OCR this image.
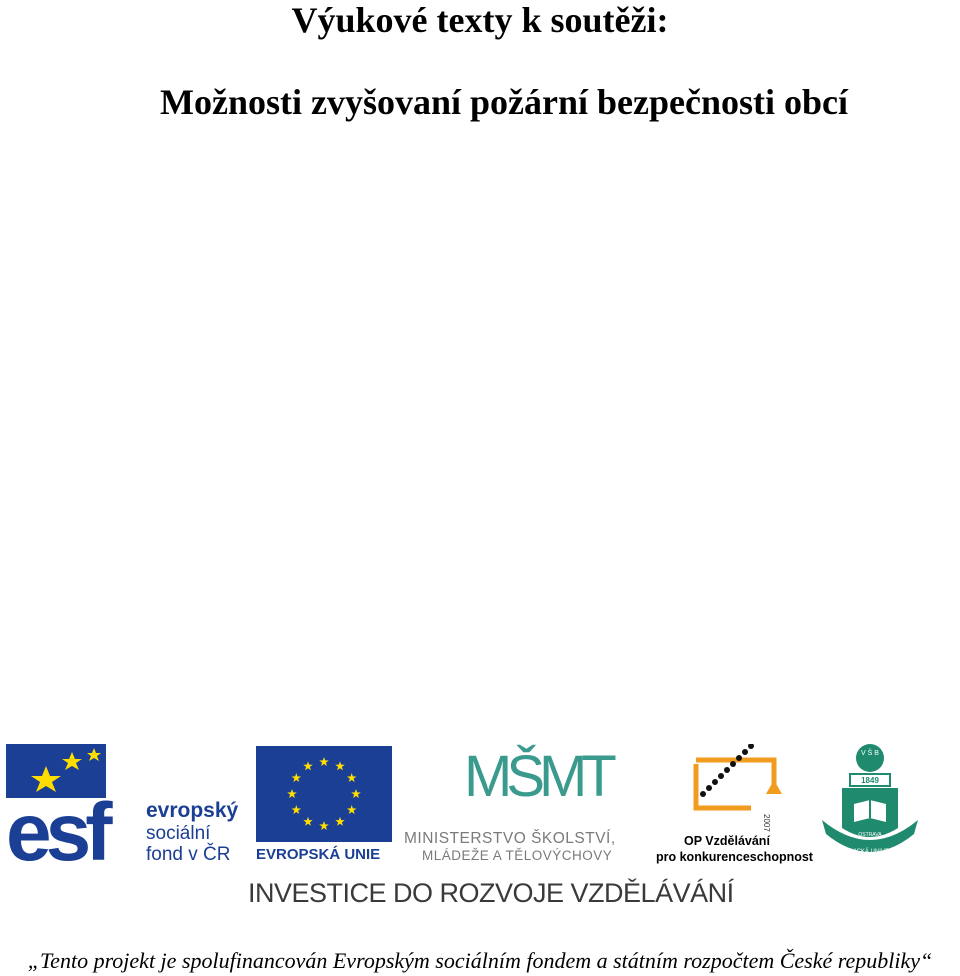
Výukové texty k soutěži:
Možnosti zvyšovaní požární bezpečnosti obcí
esf	evropský
sociální
fond v ČR EVROPSKÁ UNIE
MŠMT
MINISTERSTVO ŠKOLSTVÍ,
MLÁDEŽE A TĚLOVÝCHOVY
2007-13
OP Vzdělávání
pro konkurenceschopnost
V Š B
1849
TECHNICKÁ UNIVERZITA
OSTRAVA
INVESTICE DO ROZVOJE VZDĚLÁVÁNÍ
„Tento projekt je spolufinancován Evropským sociálním fondem a státním rozpočtem České republiky“
